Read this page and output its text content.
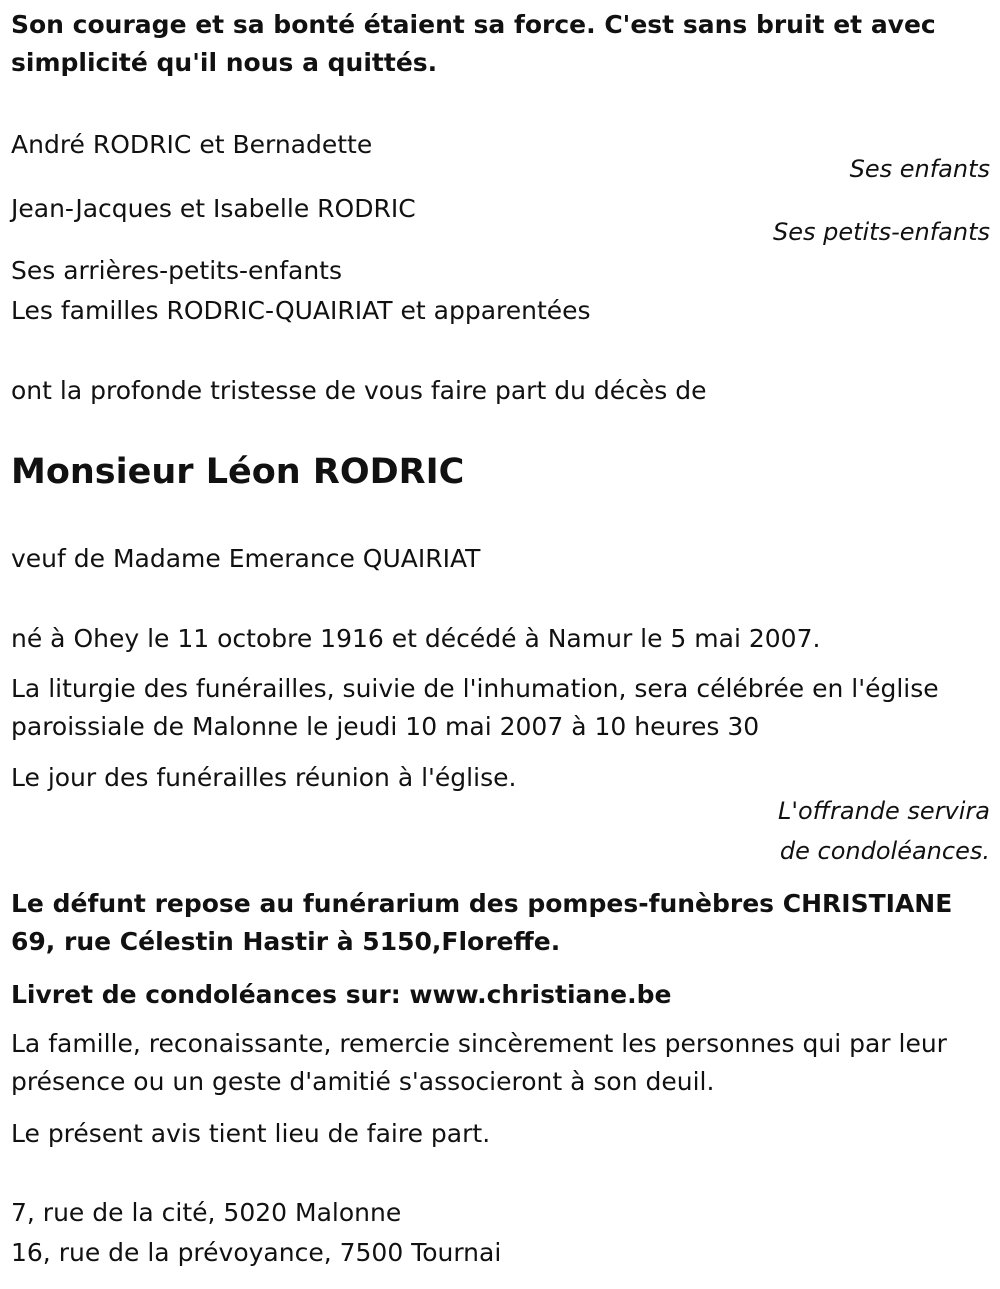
Son courage et sa bonté étaient sa force. C'est sans bruit et avec simplicité qu'il nous a quittés.
André RODRIC et Bernadette
Ses enfants
Jean-Jacques et Isabelle RODRIC
Ses petits-enfants
Ses arrières-petits-enfants
Les familles RODRIC-QUAIRIAT et apparentées
ont la profonde tristesse de vous faire part du décès de
Monsieur Léon RODRIC
veuf de Madame Emerance QUAIRIAT
né à Ohey le 11 octobre 1916 et décédé à Namur le 5 mai 2007.
La liturgie des funérailles, suivie de l'inhumation, sera célébrée en l'église paroissiale de Malonne le jeudi 10 mai 2007 à 10 heures 30
Le jour des funérailles réunion à l'église.
L'offrande servira
de condoléances.
Le défunt repose au funérarium des pompes-funèbres CHRISTIANE 69, rue Célestin Hastir à 5150,Floreffe.
Livret de condoléances sur: www.christiane.be
La famille, reconaissante, remercie sincèrement les personnes qui par leur présence ou un geste d'amitié s'associeront à son deuil.
Le présent avis tient lieu de faire part.
7, rue de la cité, 5020 Malonne
16, rue de la prévoyance, 7500 Tournai
